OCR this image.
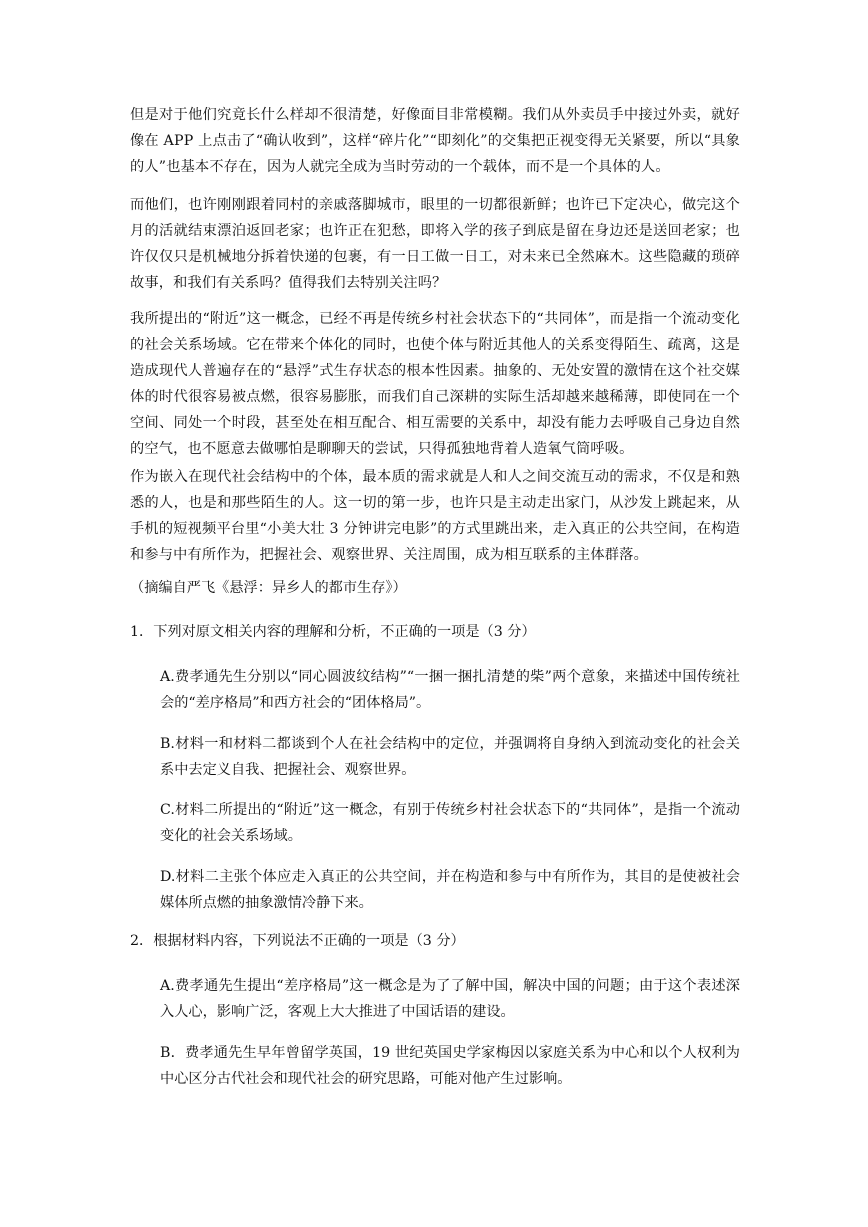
但是对于他们究竟长什么样却不很清楚，好像面目非常模糊。我们从外卖员手中接过外卖，就好像在 APP 上点击了“确认收到”，这样“碎片化”“即刻化”的交集把正视变得无关紧要，所以“具象的人”也基本不存在，因为人就完全成为当时劳动的一个载体，而不是一个具体的人。

而他们，也许刚刚跟着同村的亲戚落脚城市，眼里的一切都很新鲜；也许已下定决心，做完这个月的活就结束漂泊返回老家；也许正在犯愁，即将入学的孩子到底是留在身边还是送回老家；也许仅仅只是机械地分拆着快递的包裹，有一日工做一日工，对未来已全然麻木。这些隐藏的琐碎故事，和我们有关系吗？值得我们去特别关注吗？

我所提出的“附近”这一概念，已经不再是传统乡村社会状态下的“共同体”，而是指一个流动变化的社会关系场域。它在带来个体化的同时，也使个体与附近其他人的关系变得陌生、疏离，这是造成现代人普遍存在的“悬浮”式生存状态的根本性因素。抽象的、无处安置的激情在这个社交媒体的时代很容易被点燃，很容易膨胀，而我们自己深耕的实际生活却越来越稀薄，即使同在一个空间、同处一个时段，甚至处在相互配合、相互需要的关系中，却没有能力去呼吸自己身边自然的空气，也不愿意去做哪怕是聊聊天的尝试，只得孤独地背着人造氧气筒呼吸。

作为嵌入在现代社会结构中的个体，最本质的需求就是人和人之间交流互动的需求，不仅是和熟悉的人，也是和那些陌生的人。这一切的第一步，也许只是主动走出家门，从沙发上跳起来，从手机的短视频平台里“小美大壮 3 分钟讲完电影”的方式里跳出来，走入真正的公共空间，在构造和参与中有所作为，把握社会、观察世界、关注周围，成为相互联系的主体群落。

（摘编自严飞《悬浮：异乡人的都市生存》）

1．下列对原文相关内容的理解和分析，不正确的一项是（3 分）

A.费孝通先生分别以“同心圆波纹结构”“一捆一捆扎清楚的柴”两个意象，来描述中国传统社会的“差序格局”和西方社会的“团体格局”。

B.材料一和材料二都谈到个人在社会结构中的定位，并强调将自身纳入到流动变化的社会关系中去定义自我、把握社会、观察世界。

C.材料二所提出的“附近”这一概念，有别于传统乡村社会状态下的“共同体”，是指一个流动变化的社会关系场域。

D.材料二主张个体应走入真正的公共空间，并在构造和参与中有所作为，其目的是使被社会媒体所点燃的抽象激情冷静下来。

2．根据材料内容，下列说法不正确的一项是（3 分）

A.费孝通先生提出“差序格局”这一概念是为了了解中国，解决中国的问题；由于这个表述深入人心，影响广泛，客观上大大推进了中国话语的建设。

B．费孝通先生早年曾留学英国，19 世纪英国史学家梅因以家庭关系为中心和以个人权利为中心区分古代社会和现代社会的研究思路，可能对他产生过影响。
